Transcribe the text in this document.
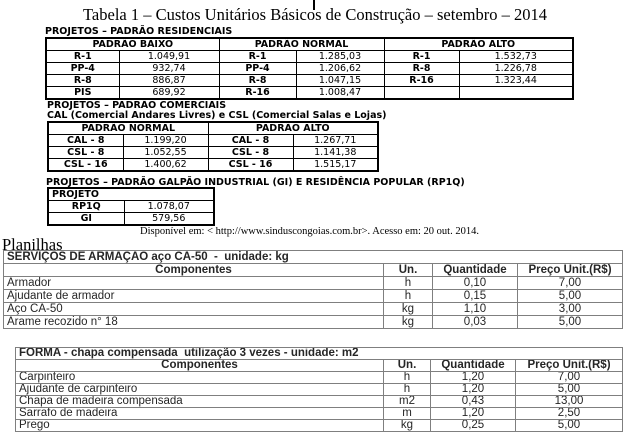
Tabela 1 – Custos Unitários Básicos de Construção – setembro – 2014
PROJETOS – PADRÃO RESIDENCIAIS
PADRÃO BAIXO		PADRÃO NORMAL		PADRÃO ALTO	
R-1	1.049,91	R-1	1.285,03	R-1	1.532,73
PP-4	932,74	PP-4	1.206,62	R-8	1.226,78
R-8	886,87	R-8	1.047,15	R-16	1.323,44
PIS	689,92	R-16	1.008,47		
PROJETOS – PADRÃO COMERCIAIS
CAL (Comercial Andares Livres) e CSL (Comercial Salas e Lojas)
PADRÃO NORMAL		PADRÃO ALTO	
CAL - 8	1.199,20	CAL - 8	1.267,71
CSL - 8	1.052,55	CSL - 8	1.141,38
CSL - 16	1.400,62	CSL - 16	1.515,17
PROJETOS – PADRÃO GALPÃO INDUSTRIAL (GI) E RESIDÊNCIA POPULAR (RP1Q)
PROJETO	
RP1Q	1.078,07
GI	579,56
Disponível em: < http://www.sinduscongoias.com.br>. Acesso em: 20 out. 2014.
Planilhas
SERVIÇOS DE ARMAÇÃO aço CA-50  -  unidade: kg			
Componentes	Un.	Quantidade	Preço Unit.(R$)
Armador	h	0,10	7,00
Ajudante de armador	h	0,15	5,00
Aço CA-50	kg	1,10	3,00
Arame recozido n° 18	kg	0,03	5,00
FORMA - chapa compensada  utilização 3 vezes - unidade: m2			
Componentes	Un.	Quantidade	Preço Unit.(R$)
Carpinteiro	h	1,20	7,00
Ajudante de carpinteiro	h	1,20	5,00
Chapa de madeira compensada	m2	0,43	13,00
Sarrafo de madeira	m	1,20	2,50
Prego	kg	0,25	5,00
